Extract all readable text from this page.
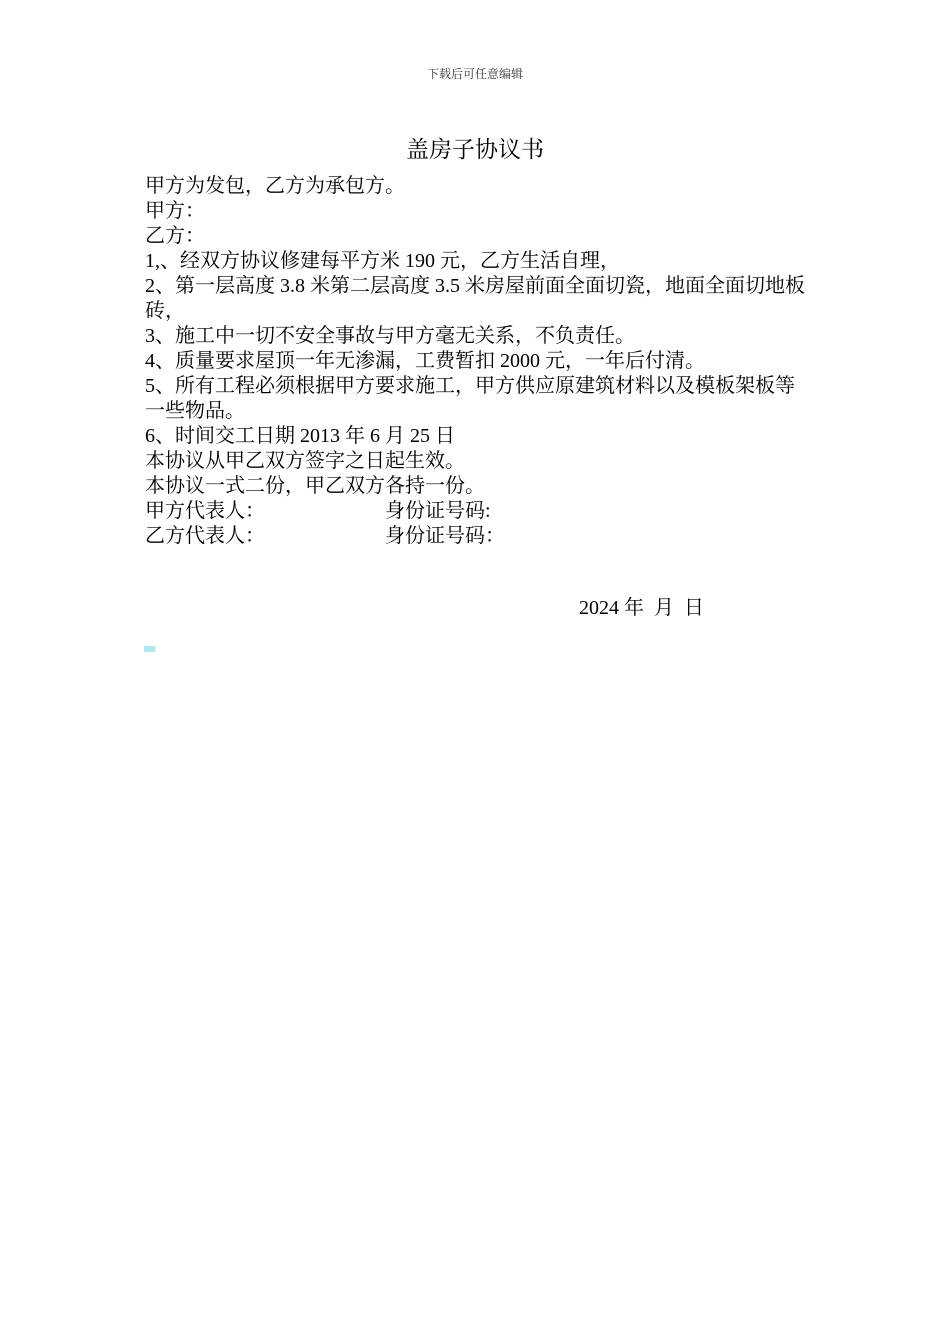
下载后可任意编辑
盖房子协议书
甲方为发包，乙方为承包方。
甲方：
乙方：
1,、经双方协议修建每平方米 190 元，乙方生活自理，
2、第一层高度 3.8 米第二层高度 3.5 米房屋前面全面切瓷，地面全面切地板砖，
3、施工中一切不安全事故与甲方毫无关系，不负责任。
4、质量要求屋顶一年无渗漏，工费暂扣 2000 元，一年后付清。
5、所有工程必须根据甲方要求施工，甲方供应原建筑材料以及模板架板等一些物品。
6、时间交工日期 2013 年 6 月 25 日
本协议从甲乙双方签字之日起生效。
本协议一式二份，甲乙双方各持一份。
甲方代表人：	身份证号码:
乙方代表人：	身份证号码：
2024 年 月 日
